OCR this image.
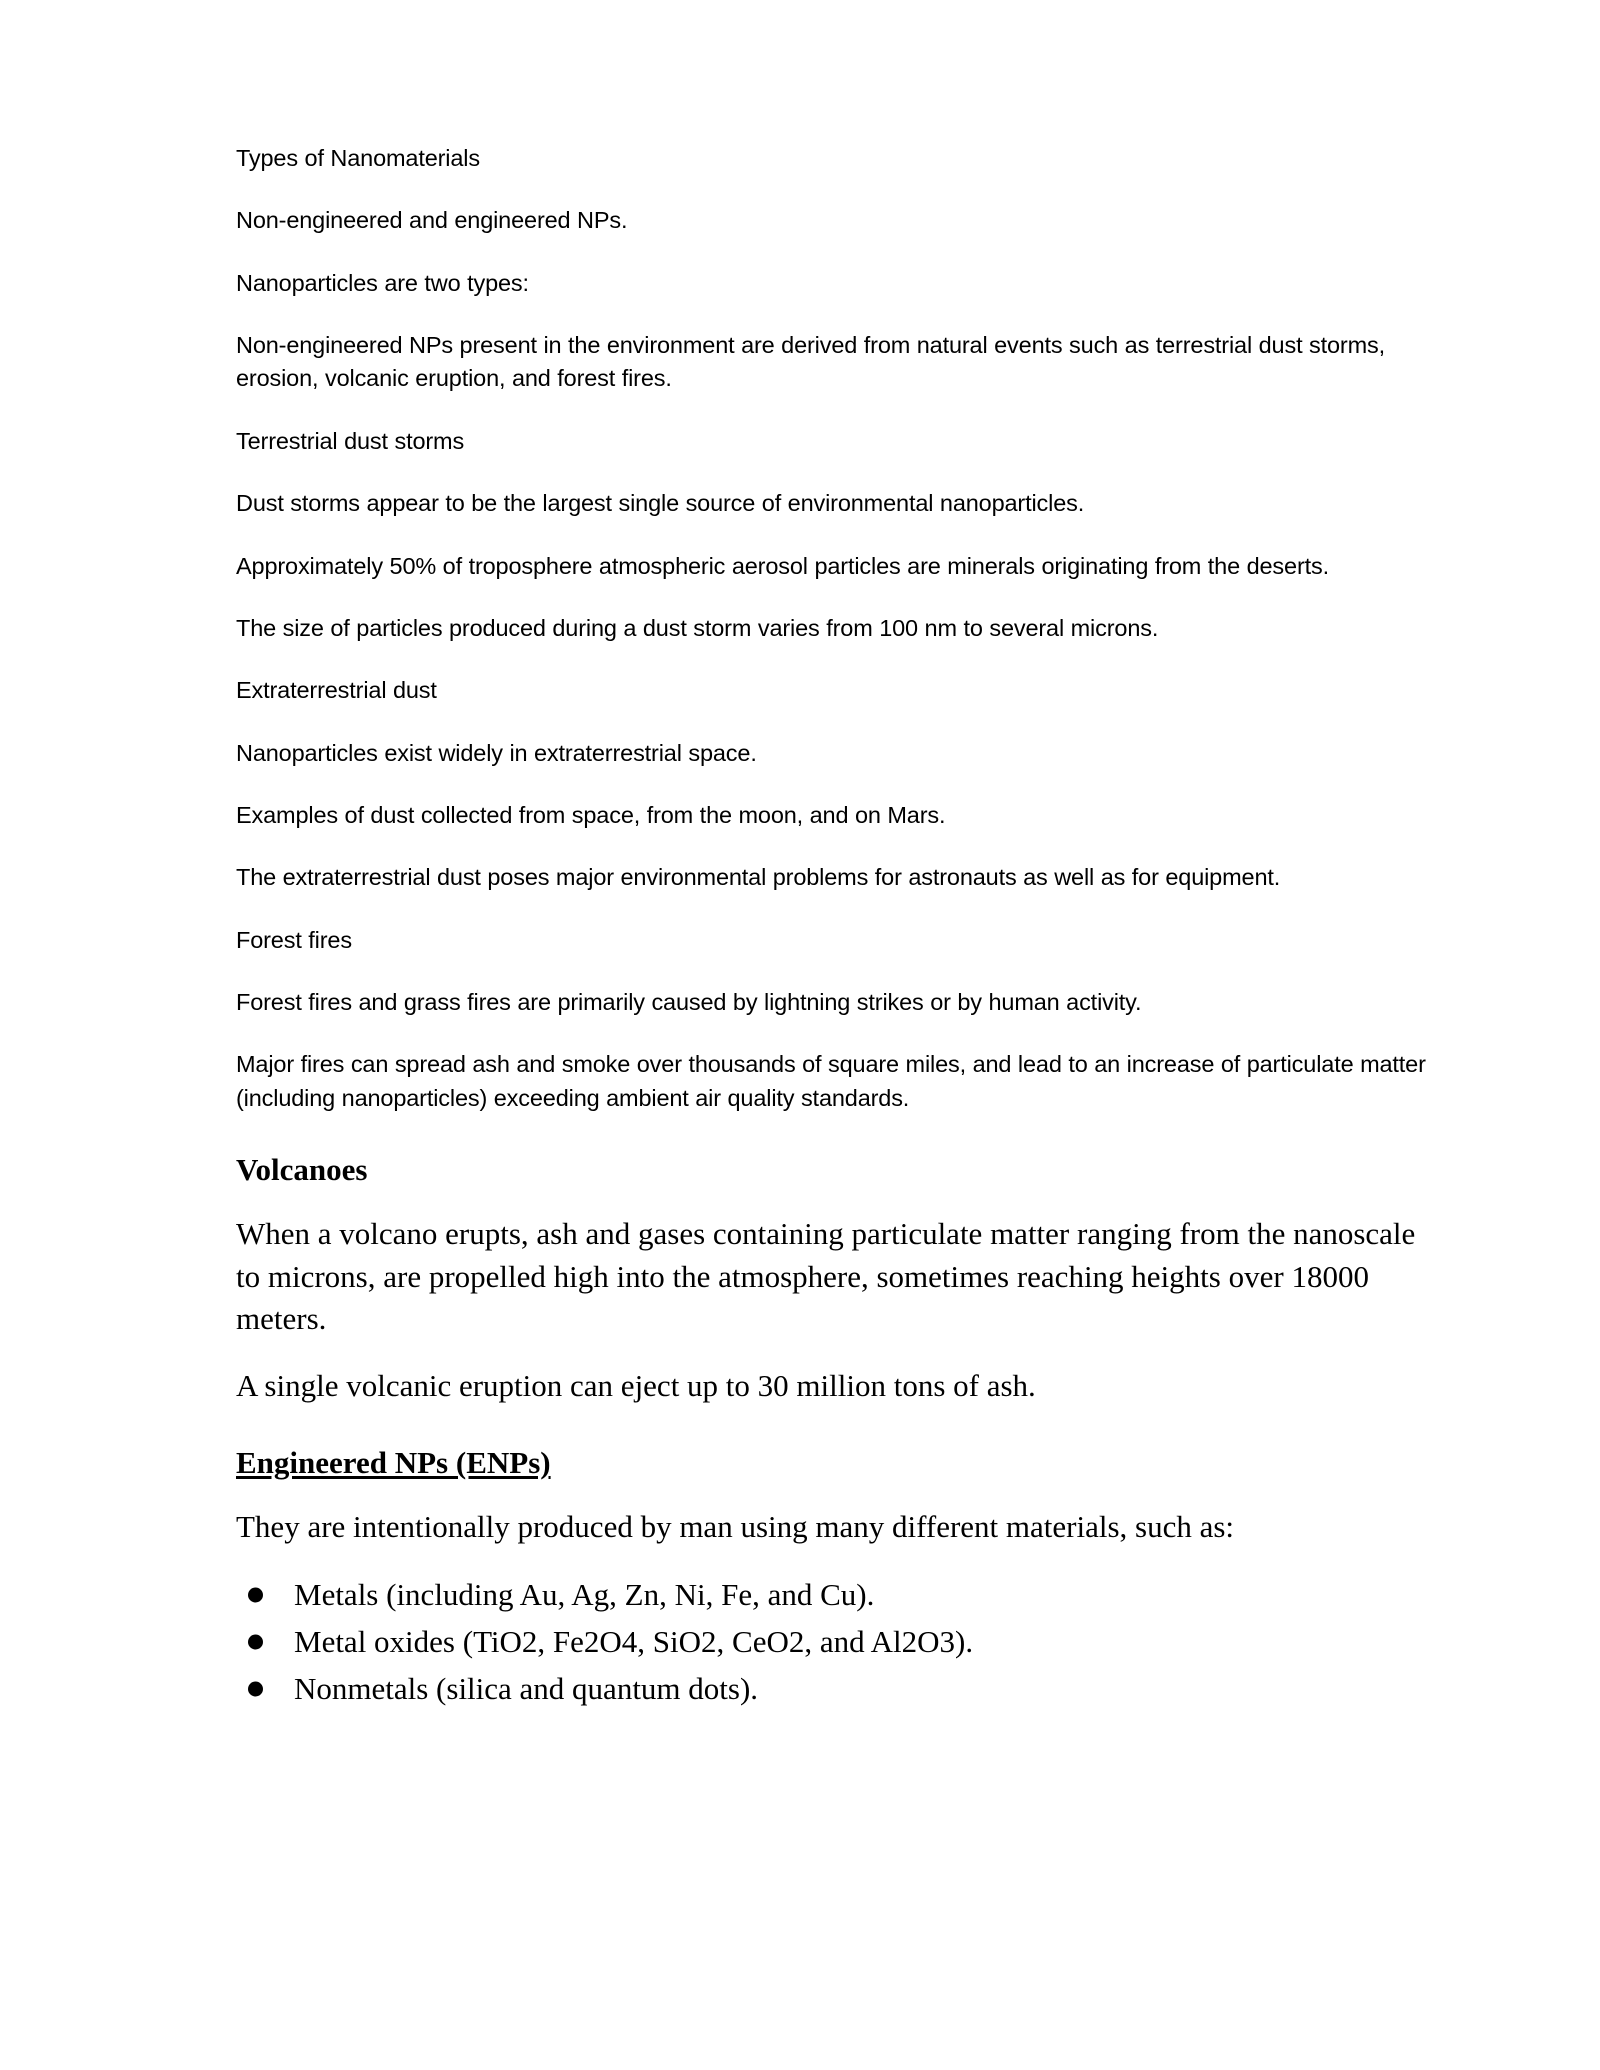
Types of Nanomaterials

Non-engineered and engineered NPs.

Nanoparticles are two types:

Non-engineered NPs present in the environment are derived from natural events such as terrestrial dust storms, erosion, volcanic eruption, and forest fires.

Terrestrial dust storms

Dust storms appear to be the largest single source of environmental nanoparticles.

Approximately 50% of troposphere atmospheric aerosol particles are minerals originating from the deserts.

The size of particles produced during a dust storm varies from 100 nm to several microns.

Extraterrestrial dust

Nanoparticles exist widely in extraterrestrial space.

Examples of dust collected from space, from the moon, and on Mars.

The extraterrestrial dust poses major environmental problems for astronauts as well as for equipment.

Forest fires

Forest fires and grass fires are primarily caused by lightning strikes or by human activity.

Major fires can spread ash and smoke over thousands of square miles, and lead to an increase of particulate matter (including nanoparticles) exceeding ambient air quality standards.

Volcanoes

When a volcano erupts, ash and gases containing particulate matter ranging from the nanoscale to microns, are propelled high into the atmosphere, sometimes reaching heights over 18000 meters.

A single volcanic eruption can eject up to 30 million tons of ash.

Engineered NPs (ENPs)

They are intentionally produced by man using many different materials, such as:

Metals (including Au, Ag, Zn, Ni, Fe, and Cu).
Metal oxides (TiO2, Fe2O4, SiO2, CeO2, and Al2O3).
Nonmetals (silica and quantum dots).
